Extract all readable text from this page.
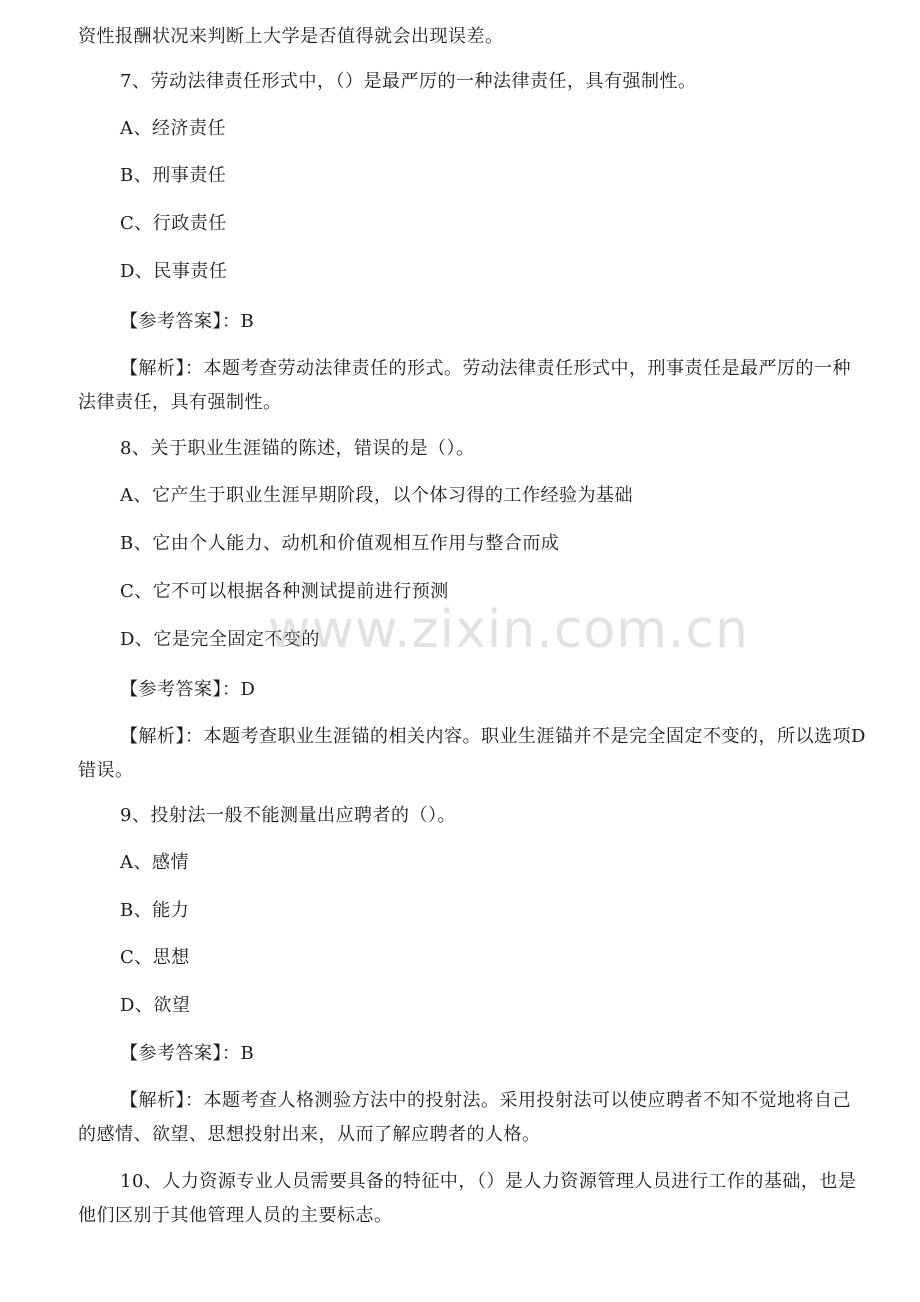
资性报酬状况来判断上大学是否值得就会出现误差。
7、劳动法律责任形式中，（）是最严厉的一种法律责任，具有强制性。
A、经济责任
B、刑事责任
C、行政责任
D、民事责任
【参考答案】：B
【解析】：本题考查劳动法律责任的形式。劳动法律责任形式中，刑事责任是最严厉的一种法律责任，具有强制性。
8、关于职业生涯锚的陈述，错误的是（）。
A、它产生于职业生涯早期阶段，以个体习得的工作经验为基础
B、它由个人能力、动机和价值观相互作用与整合而成
C、它不可以根据各种测试提前进行预测
D、它是完全固定不变的
【参考答案】：D
【解析】：本题考查职业生涯锚的相关内容。职业生涯锚并不是完全固定不变的，所以选项D错误。
9、投射法一般不能测量出应聘者的（）。
A、感情
B、能力
C、思想
D、欲望
【参考答案】：B
【解析】：本题考查人格测验方法中的投射法。采用投射法可以使应聘者不知不觉地将自己的感情、欲望、思想投射出来，从而了解应聘者的人格。
10、人力资源专业人员需要具备的特征中，（）是人力资源管理人员进行工作的基础，也是他们区别于其他管理人员的主要标志。
www.zixin.com.cn
